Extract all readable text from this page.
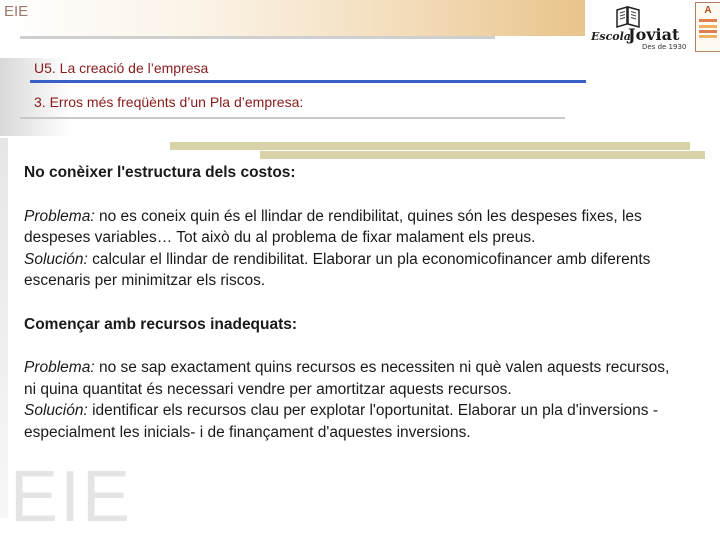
EIE
Escola
Joviat
Des de 1930
A
U5. La creació de l’empresa
3. Erros més freqüènts d’un Pla d’empresa:
EIE
No conèixer l'estructura dels costos:
Problema: no es coneix quin és el llindar de rendibilitat, quines són les despeses fixes, les despeses variables… Tot això du al problema de fixar malament els preus.
Solución: calcular el llindar de rendibilitat. Elaborar un pla economicofinancer amb diferents escenaris per minimitzar els riscos.
Començar amb recursos inadequats:
Problema: no se sap exactament quins recursos es necessiten ni què valen aquests recursos, ni quina quantitat és necessari vendre per amortitzar aquests recursos.
Solución: identificar els recursos clau per explotar l'oportunitat. Elaborar un pla d'inversions -especialment les inicials- i de finançament d'aquestes inversions.
